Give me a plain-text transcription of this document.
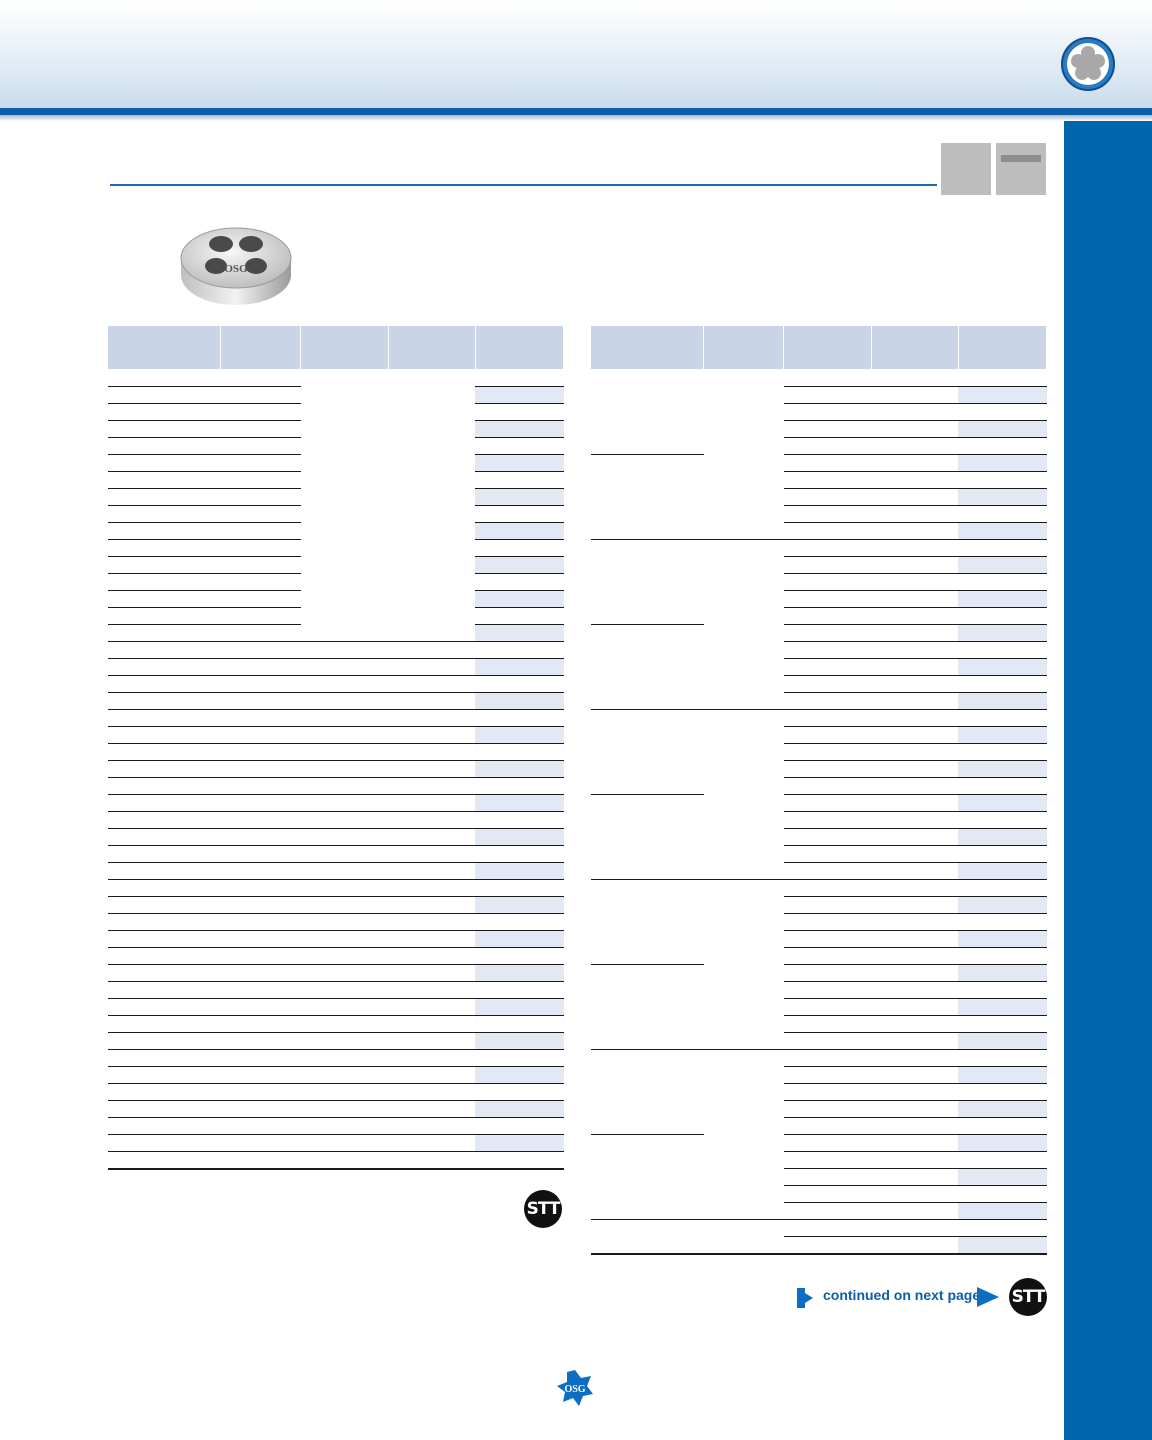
OSG

STT

continued on next page STT
OSG
